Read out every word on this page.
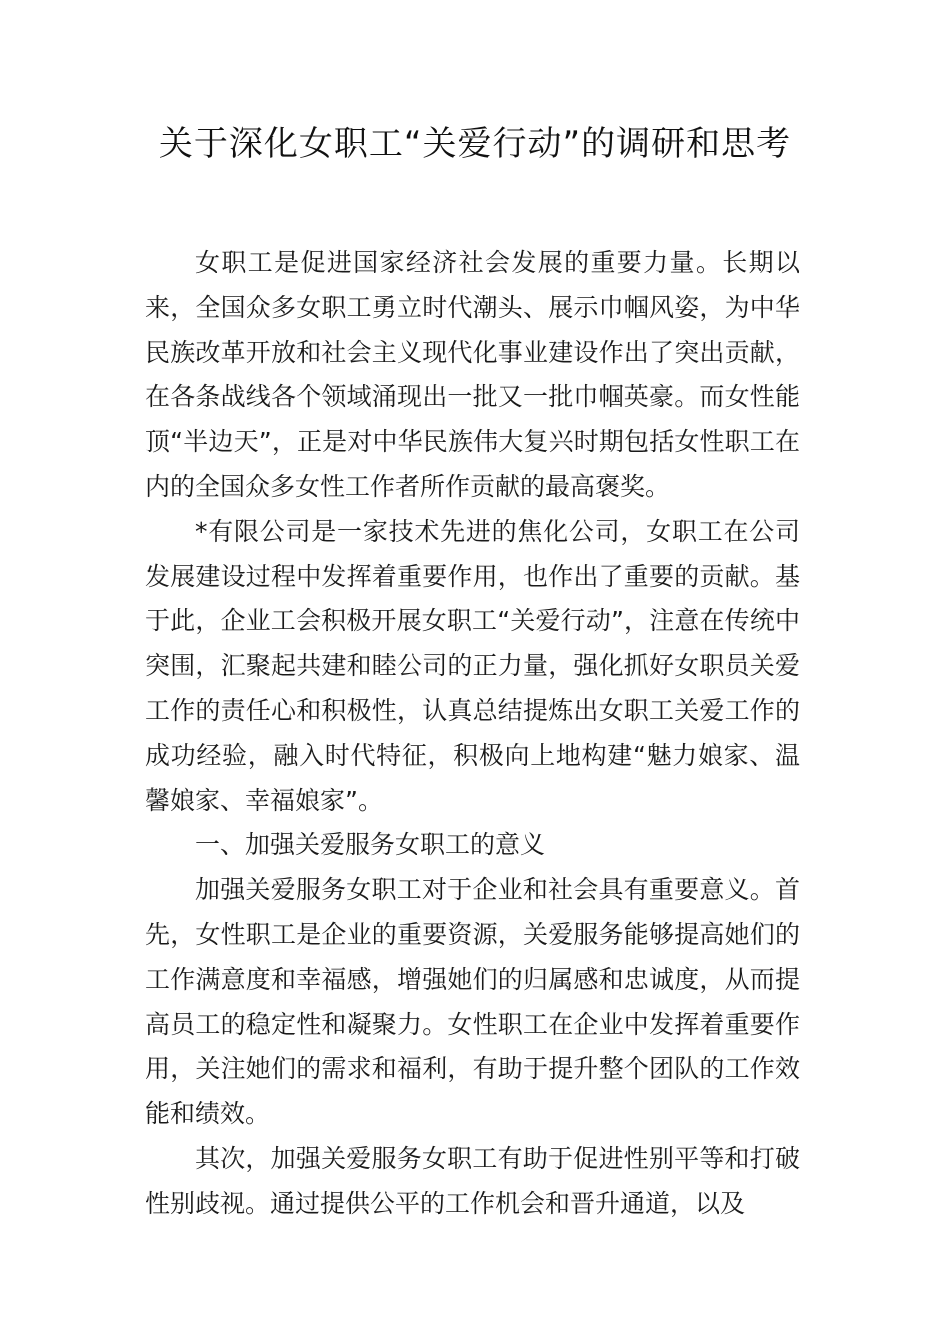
关于深化女职工“关爱行动”的调研和思考

女职工是促进国家经济社会发展的重要力量。长期以来，全国众多女职工勇立时代潮头、展示巾帼风姿，为中华民族改革开放和社会主义现代化事业建设作出了突出贡献，在各条战线各个领域涌现出一批又一批巾帼英豪。而女性能顶“半边天”，正是对中华民族伟大复兴时期包括女性职工在内的全国众多女性工作者所作贡献的最高褒奖。

*有限公司是一家技术先进的焦化公司，女职工在公司发展建设过程中发挥着重要作用，也作出了重要的贡献。基于此，企业工会积极开展女职工“关爱行动”，注意在传统中突围，汇聚起共建和睦公司的正力量，强化抓好女职员关爱工作的责任心和积极性，认真总结提炼出女职工关爱工作的成功经验，融入时代特征，积极向上地构建“魅力娘家、温馨娘家、幸福娘家”。

一、加强关爱服务女职工的意义

加强关爱服务女职工对于企业和社会具有重要意义。首先，女性职工是企业的重要资源，关爱服务能够提高她们的工作满意度和幸福感，增强她们的归属感和忠诚度，从而提高员工的稳定性和凝聚力。女性职工在企业中发挥着重要作用，关注她们的需求和福利，有助于提升整个团队的工作效能和绩效。

其次，加强关爱服务女职工有助于促进性别平等和打破性别歧视。通过提供公平的工作机会和晋升通道，以及
